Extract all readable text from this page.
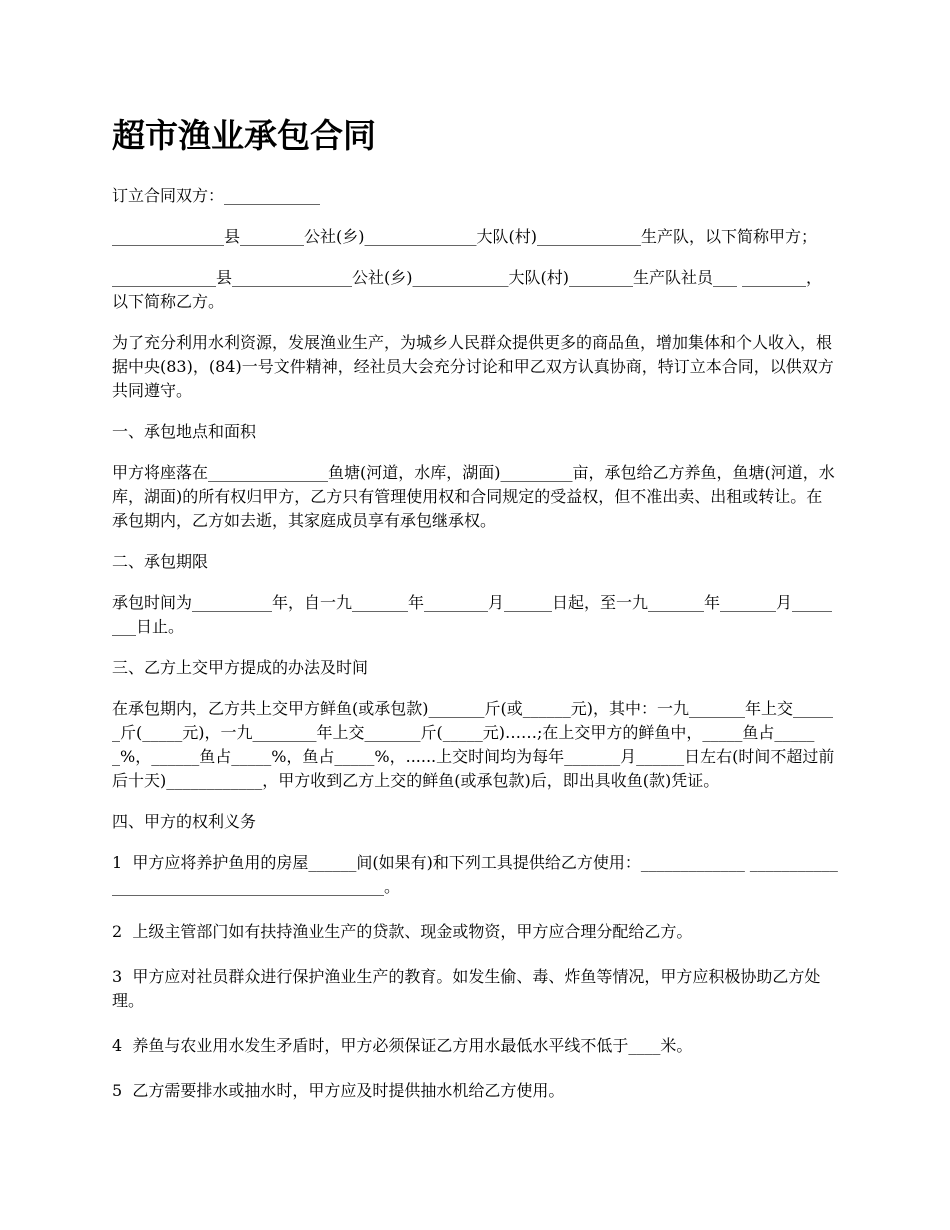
超市渔业承包合同

订立合同双方：____________

______________县________公社(乡)______________大队(村)_____________生产队，以下简称甲方；

_____________县_______________公社(乡)____________大队(村)________生产队社员___ ________，以下简称乙方。

为了充分利用水利资源，发展渔业生产，为城乡人民群众提供更多的商品鱼，增加集体和个人收入，根据中央(83)，(84)一号文件精神，经社员大会充分讨论和甲乙双方认真协商，特订立本合同，以供双方共同遵守。

一、承包地点和面积

甲方将座落在_______________鱼塘(河道，水库，湖面)_________亩，承包给乙方养鱼，鱼塘(河道，水库，湖面)的所有权归甲方，乙方只有管理使用权和合同规定的受益权，但不准出卖、出租或转让。在承包期内，乙方如去逝，其家庭成员享有承包继承权。

二、承包期限

承包时间为__________年，自一九_______年________月______日起，至一九_______年_______月________日止。

三、乙方上交甲方提成的办法及时间

在承包期内，乙方共上交甲方鲜鱼(或承包款)_______斤(或______元)，其中：一九_______年上交______斤(_____元)，一九________年上交_______斤(_____元)……;在上交甲方的鲜鱼中，_____鱼占______%，______鱼占_____%，鱼占_____%，......上交时间均为每年_______月______日左右(时间不超过前后十天)____________，甲方收到乙方上交的鲜鱼(或承包款)后，即出具收鱼(款)凭证。

四、甲方的权利义务

1  甲方应将养护鱼用的房屋______间(如果有)和下列工具提供给乙方使用：_____________ _____________________________________________。

2  上级主管部门如有扶持渔业生产的贷款、现金或物资，甲方应合理分配给乙方。

3  甲方应对社员群众进行保护渔业生产的教育。如发生偷、毒、炸鱼等情况，甲方应积极协助乙方处理。

4  养鱼与农业用水发生矛盾时，甲方必须保证乙方用水最低水平线不低于____米。

5  乙方需要排水或抽水时，甲方应及时提供抽水机给乙方使用。
